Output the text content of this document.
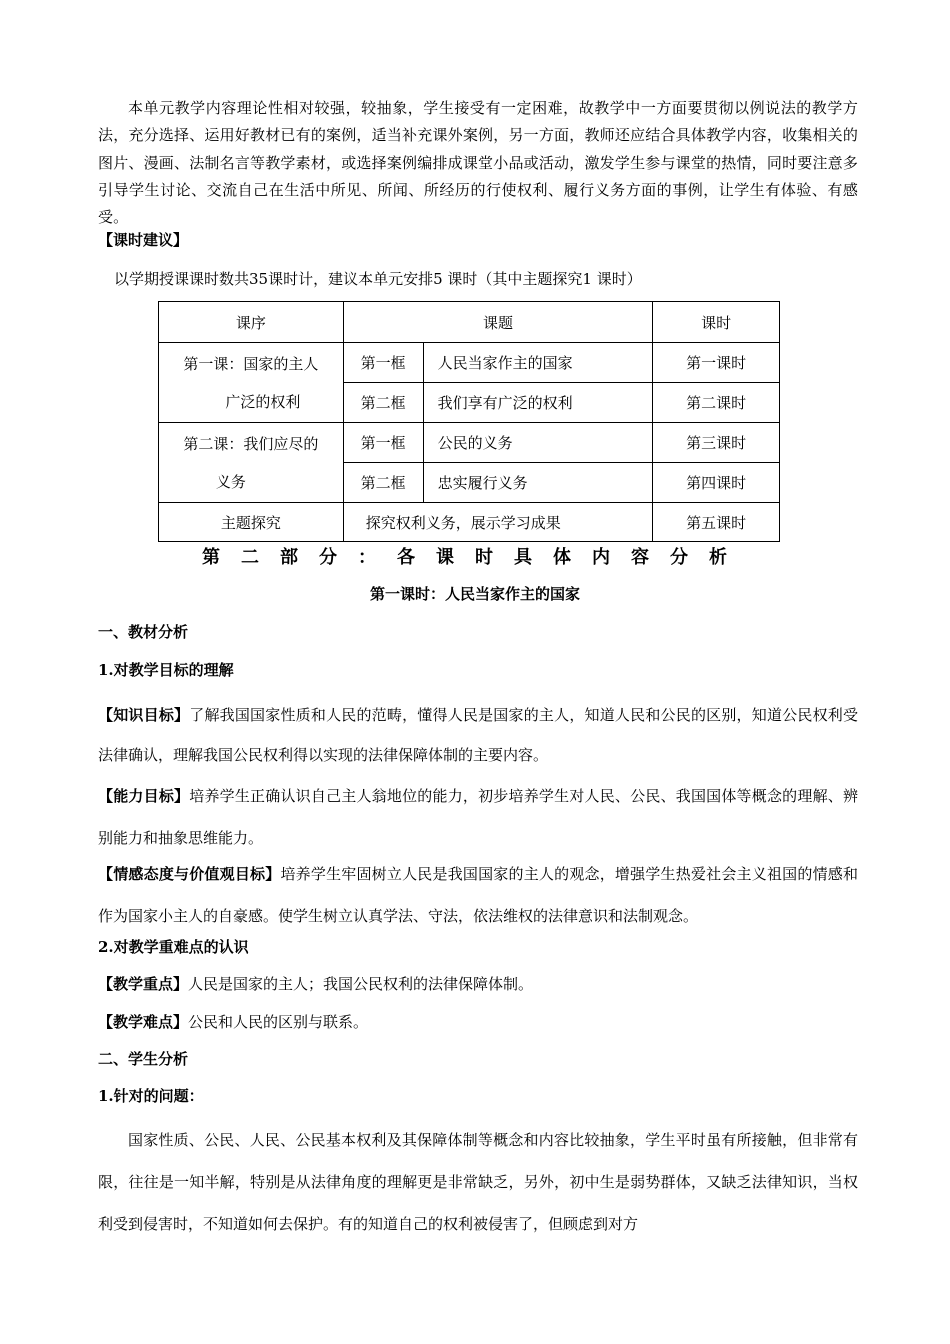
本单元教学内容理论性相对较强，较抽象，学生接受有一定困难，故教学中一方面要贯彻以例说法的教学方法，充分选择、运用好教材已有的案例，适当补充课外案例，另一方面，教师还应结合具体教学内容，收集相关的图片、漫画、法制名言等教学素材，或选择案例编排成课堂小品或活动，激发学生参与课堂的热情，同时要注意多引导学生讨论、交流自己在生活中所见、所闻、所经历的行使权利、履行义务方面的事例，让学生有体验、有感受。
【课时建议】
以学期授课课时数共35课时计，建议本单元安排5 课时（其中主题探究1 课时）
课序	课题		课时

第一课：国家的主人
广泛的权利	第一框	人民当家作主的国家	第一课时
	第二框	我们享有广泛的权利	第二课时

第二课：我们应尽的
义务	第一框	公民的义务	第三课时
	第二框	忠实履行义务	第四课时
主题探究	探究权利义务，展示学习成果		第五课时
第二部分：各课时具体内容分析
第一课时：人民当家作主的国家
一、教材分析
1.对教学目标的理解
【知识目标】了解我国国家性质和人民的范畴，懂得人民是国家的主人，知道人民和公民的区别，知道公民权利受法律确认，理解我国公民权利得以实现的法律保障体制的主要内容。
【能力目标】培养学生正确认识自己主人翁地位的能力，初步培养学生对人民、公民、我国国体等概念的理解、辨别能力和抽象思维能力。
【情感态度与价值观目标】培养学生牢固树立人民是我国国家的主人的观念，增强学生热爱社会主义祖国的情感和作为国家小主人的自豪感。使学生树立认真学法、守法，依法维权的法律意识和法制观念。
2.对教学重难点的认识
【教学重点】人民是国家的主人；我国公民权利的法律保障体制。
【教学难点】公民和人民的区别与联系。
二、学生分析
1.针对的问题：
国家性质、公民、人民、公民基本权利及其保障体制等概念和内容比较抽象，学生平时虽有所接触，但非常有限，往往是一知半解，特别是从法律角度的理解更是非常缺乏，另外，初中生是弱势群体，又缺乏法律知识，当权利受到侵害时，不知道如何去保护。有的知道自己的权利被侵害了，但顾虑到对方
